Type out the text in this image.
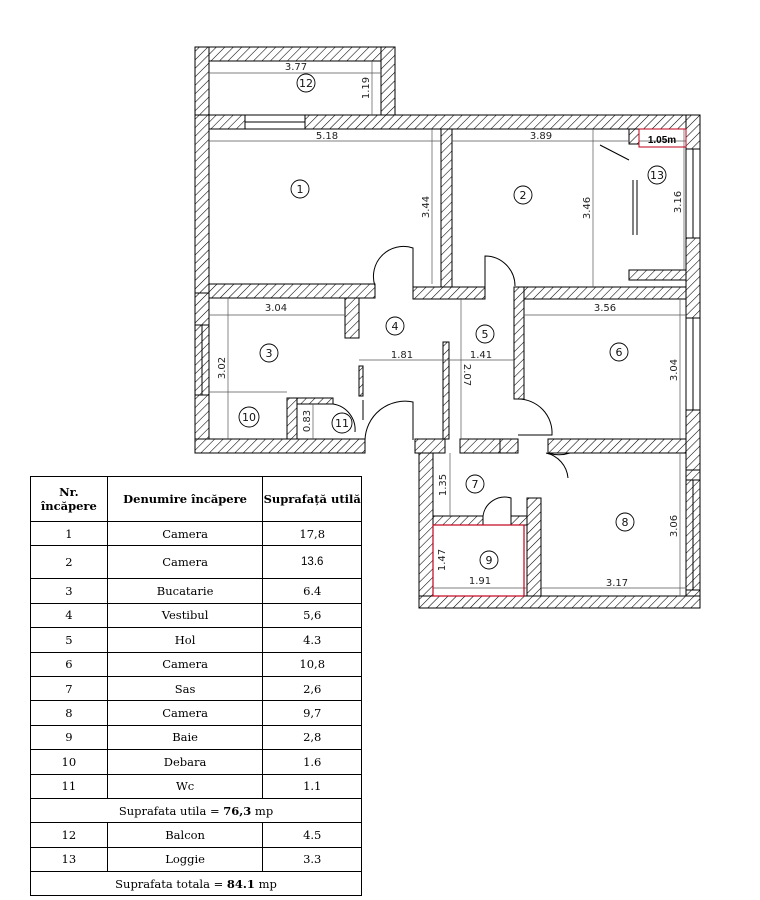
3.77
1.19
5.18
3.44
3.89
3.46
1.05m
3.16
3.04
3.02
1.81	1.41
2.07
3.56
3.04
0.83
1.35
1.91
1.47
3.17
3.06
12
1	2
13
3
4
5
6
10	11
7
8
9
Nr. încăpere	Denumire încăpere	Suprafață utilă
1	Camera	17,8
2	Camera	13.6
3	Bucatarie	6.4
4	Vestibul	5,6
5	Hol	4.3
6	Camera	10,8
7	Sas	2,6
8	Camera	9,7
9	Baie	2,8
10	Debara	1.6
11	Wc	1.1
Suprafata utila = 76,3 mp		
12	Balcon	4.5
13	Loggie	3.3
Suprafata totala = 84.1 mp		
